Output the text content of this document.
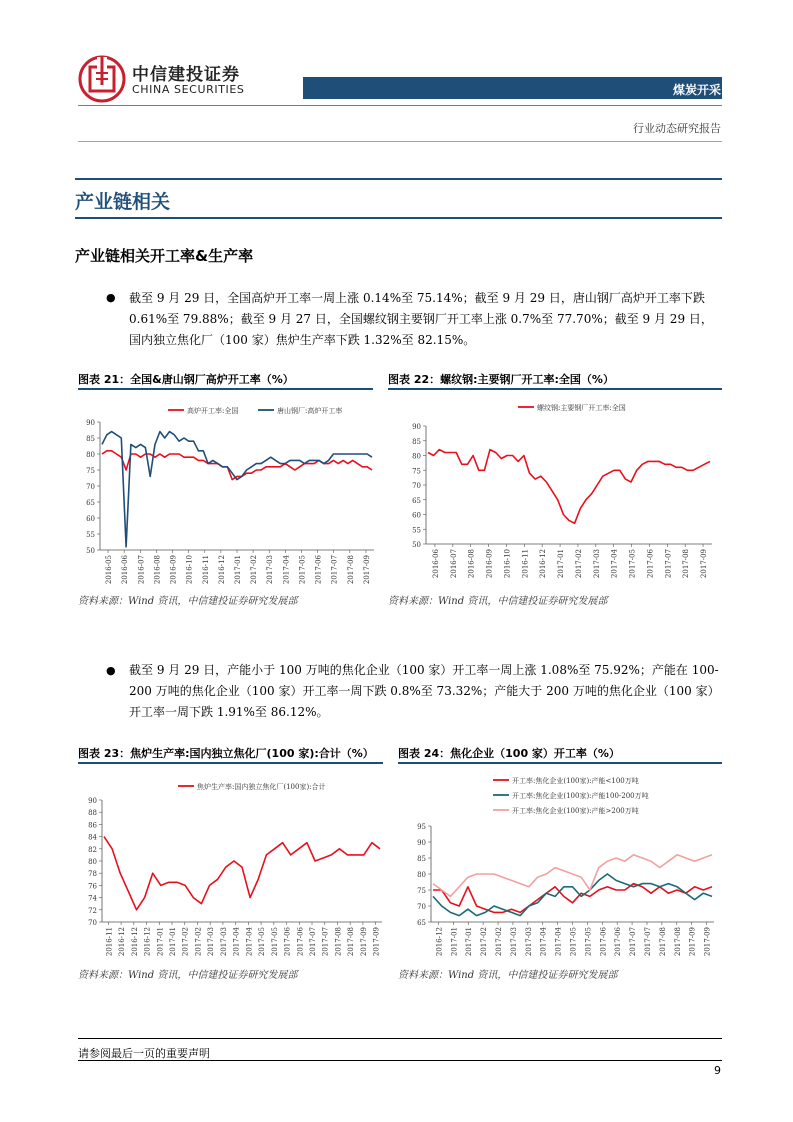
中信建投证券
CHINA SECURITIES	煤炭开采
行业动态研究报告
产业链相关
产业链相关开工率&生产率
● 截至 9 月 29 日，全国高炉开工率一周上涨 0.14%至 75.14%；截至 9 月 29 日，唐山钢厂高炉开工率下跌 0.61%至 79.88%；截至 9 月 27 日，全国螺纹钢主要钢厂开工率上涨 0.7%至 77.70%；截至 9 月 29 日，国内独立焦化厂（100 家）焦炉生产率下跌 1.32%至 82.15%。
图表 21：全国&唐山钢厂高炉开工率（%）	图表 22：螺纹钢:主要钢厂开工率:全国（%）
50
55
60
65
70
75
80
85
90
2016-05 2016-06 2016-07 2016-08 2016-09 2016-10 2016-11 2016-12 2017-01 2017-02 2017-03 2017-04 2017-05 2017-06 2017-07 2017-08 2017-09
高炉开工率:全国	唐山钢厂:高炉开工率
50
55
60
65
70
75
80
85
90
2016-06 2016-07 2016-08 2016-09 2016-10 2016-11 2016-12 2017-01 2017-02 2017-03 2017-04 2017-05 2017-06 2017-07 2017-08 2017-09
螺纹钢:主要钢厂开工率:全国
资料来源：Wind 资讯，中信建投证券研究发展部	资料来源：Wind 资讯，中信建投证券研究发展部
● 截至 9 月 29 日，产能小于 100 万吨的焦化企业（100 家）开工率一周上涨 1.08%至 75.92%；产能在 100-200 万吨的焦化企业（100 家）开工率一周下跌 0.8%至 73.32%；产能大于 200 万吨的焦化企业（100 家）开工率一周下跌 1.91%至 86.12%。
图表 23：焦炉生产率:国内独立焦化厂(100 家):合计（%） 图表 24：焦化企业（100 家）开工率（%）
70
72
74
76
78
80
82
84
86
88
90
2016-11 2016-12 2016-12 2016-12 2017-01 2017-01 2017-02 2017-02 2017-03 2017-03 2017-04 2017-04 2017-05 2017-05 2017-06 2017-06 2017-07 2017-07 2017-08 2017-08 2017-09 2017-09
焦炉生产率:国内独立焦化厂(100家):合计
65
70
75
80
85
90
95
2016-12 2017-01 2017-01 2017-02 2017-02 2017-03 2017-03 2017-04 2017-04 2017-05 2017-05 2017-06 2017-06 2017-07 2017-07 2017-08 2017-08 2017-09 2017-09
开工率:焦化企业(100家):产能<100万吨
开工率:焦化企业(100家):产能100-200万吨
开工率:焦化企业(100家):产能>200万吨
资料来源：Wind 资讯，中信建投证券研究发展部	资料来源：Wind 资讯，中信建投证券研究发展部
请参阅最后一页的重要声明
9
